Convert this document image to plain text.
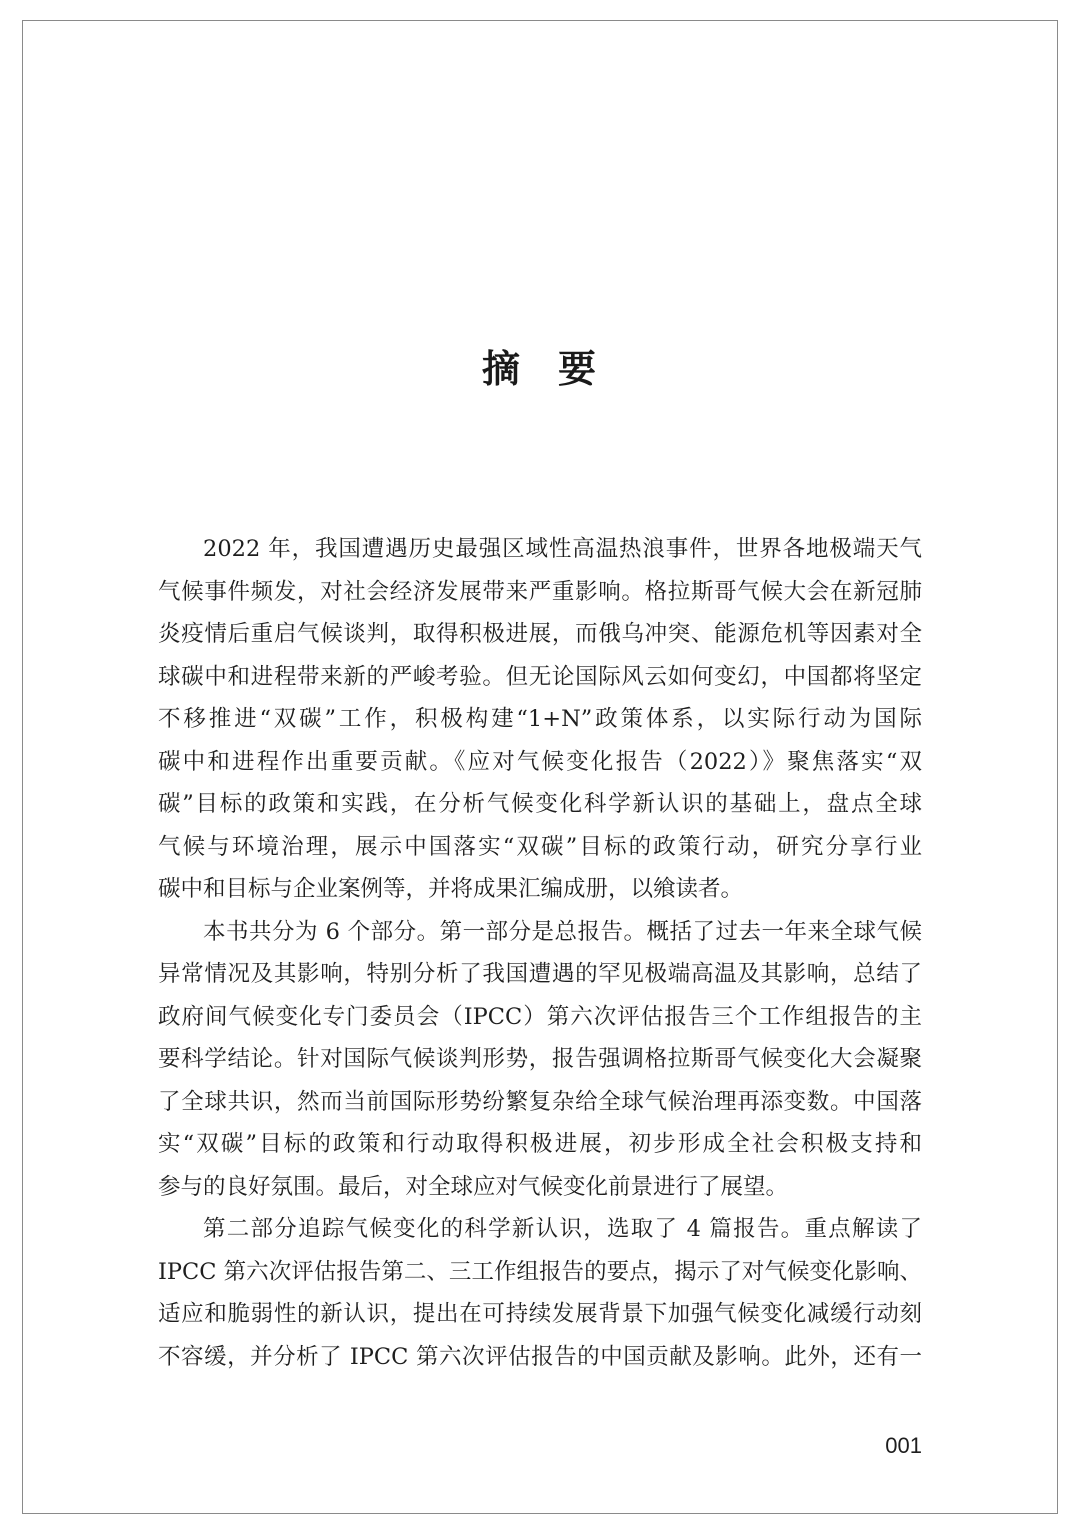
摘 要
2022 年，我国遭遇历史最强区域性高温热浪事件，世界各地极端天气
气候事件频发，对社会经济发展带来严重影响。格拉斯哥气候大会在新冠肺
炎疫情后重启气候谈判，取得积极进展，而俄乌冲突、能源危机等因素对全
球碳中和进程带来新的严峻考验。但无论国际风云如何变幻，中国都将坚定
不移推进“双碳”工作，积极构建“1+N”政策体系，以实际行动为国际
碳中和进程作出重要贡献。《应对气候变化报告（2022）》聚焦落实“双
碳”目标的政策和实践，在分析气候变化科学新认识的基础上，盘点全球
气候与环境治理，展示中国落实“双碳”目标的政策行动，研究分享行业
碳中和目标与企业案例等，并将成果汇编成册，以飨读者。
本书共分为 6 个部分。第一部分是总报告。概括了过去一年来全球气候
异常情况及其影响，特别分析了我国遭遇的罕见极端高温及其影响，总结了
政府间气候变化专门委员会（IPCC）第六次评估报告三个工作组报告的主
要科学结论。针对国际气候谈判形势，报告强调格拉斯哥气候变化大会凝聚
了全球共识，然而当前国际形势纷繁复杂给全球气候治理再添变数。中国落
实“双碳”目标的政策和行动取得积极进展，初步形成全社会积极支持和
参与的良好氛围。最后，对全球应对气候变化前景进行了展望。
第二部分追踪气候变化的科学新认识，选取了 4 篇报告。重点解读了
IPCC 第六次评估报告第二、三工作组报告的要点，揭示了对气候变化影响、
适应和脆弱性的新认识，提出在可持续发展背景下加强气候变化减缓行动刻
不容缓，并分析了 IPCC 第六次评估报告的中国贡献及影响。此外，还有一
001
